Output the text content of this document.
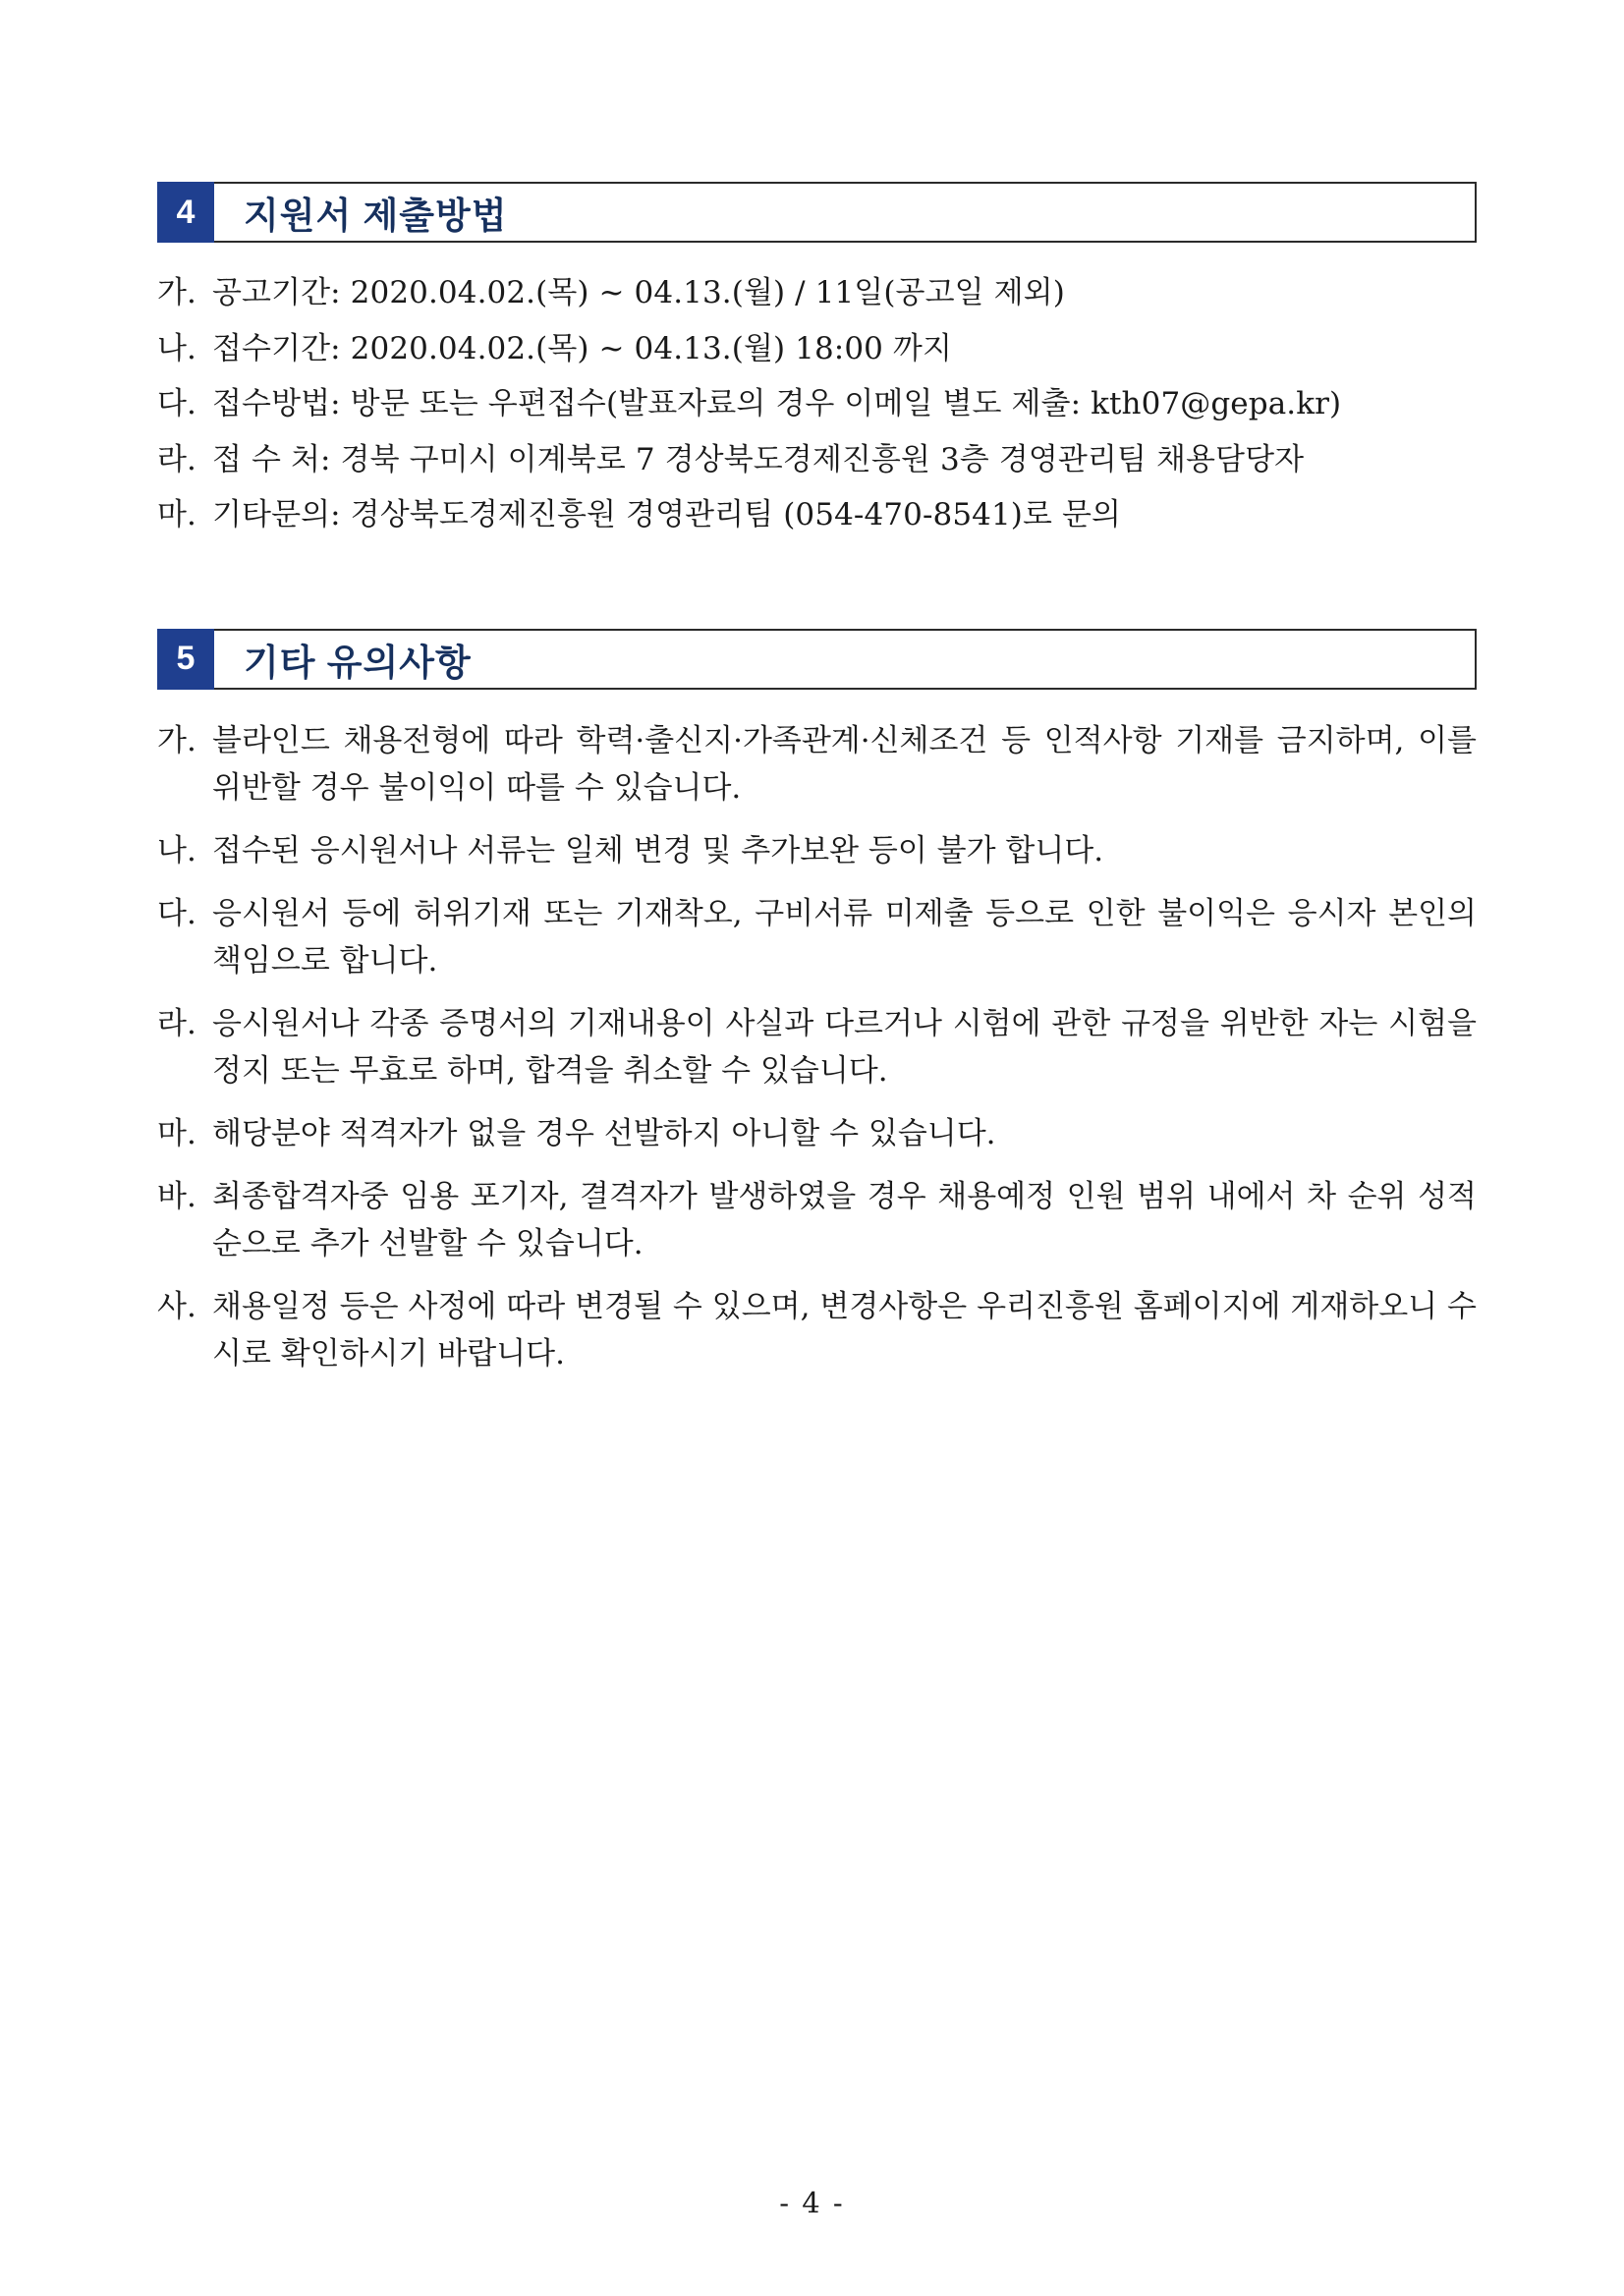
4	지원서 제출방법
가. 공고기간: 2020.04.02.(목) ~ 04.13.(월) / 11일(공고일 제외)
나. 접수기간: 2020.04.02.(목) ~ 04.13.(월) 18:00 까지
다. 접수방법: 방문 또는 우편접수(발표자료의 경우 이메일 별도 제출: kth07@gepa.kr)
라. 접 수 처: 경북 구미시 이계북로 7 경상북도경제진흥원 3층 경영관리팀 채용담당자
마. 기타문의: 경상북도경제진흥원 경영관리팀 (054-470-8541)로 문의
5	기타 유의사항
가. 블라인드 채용전형에 따라 학력·출신지·가족관계·신체조건 등 인적사항 기재를 금지하며, 이를 위반할 경우 불이익이 따를 수 있습니다.
나. 접수된 응시원서나 서류는 일체 변경 및 추가보완 등이 불가 합니다.
다. 응시원서 등에 허위기재 또는 기재착오, 구비서류 미제출 등으로 인한 불이익은 응시자 본인의 책임으로 합니다.
라. 응시원서나 각종 증명서의 기재내용이 사실과 다르거나 시험에 관한 규정을 위반한 자는 시험을 정지 또는 무효로 하며, 합격을 취소할 수 있습니다.
마. 해당분야 적격자가 없을 경우 선발하지 아니할 수 있습니다.
바. 최종합격자중 임용 포기자, 결격자가 발생하였을 경우 채용예정 인원 범위 내에서 차 순위 성적순으로 추가 선발할 수 있습니다.
사. 채용일정 등은 사정에 따라 변경될 수 있으며, 변경사항은 우리진흥원 홈페이지에 게재하오니 수시로 확인하시기 바랍니다.
- 4 -
